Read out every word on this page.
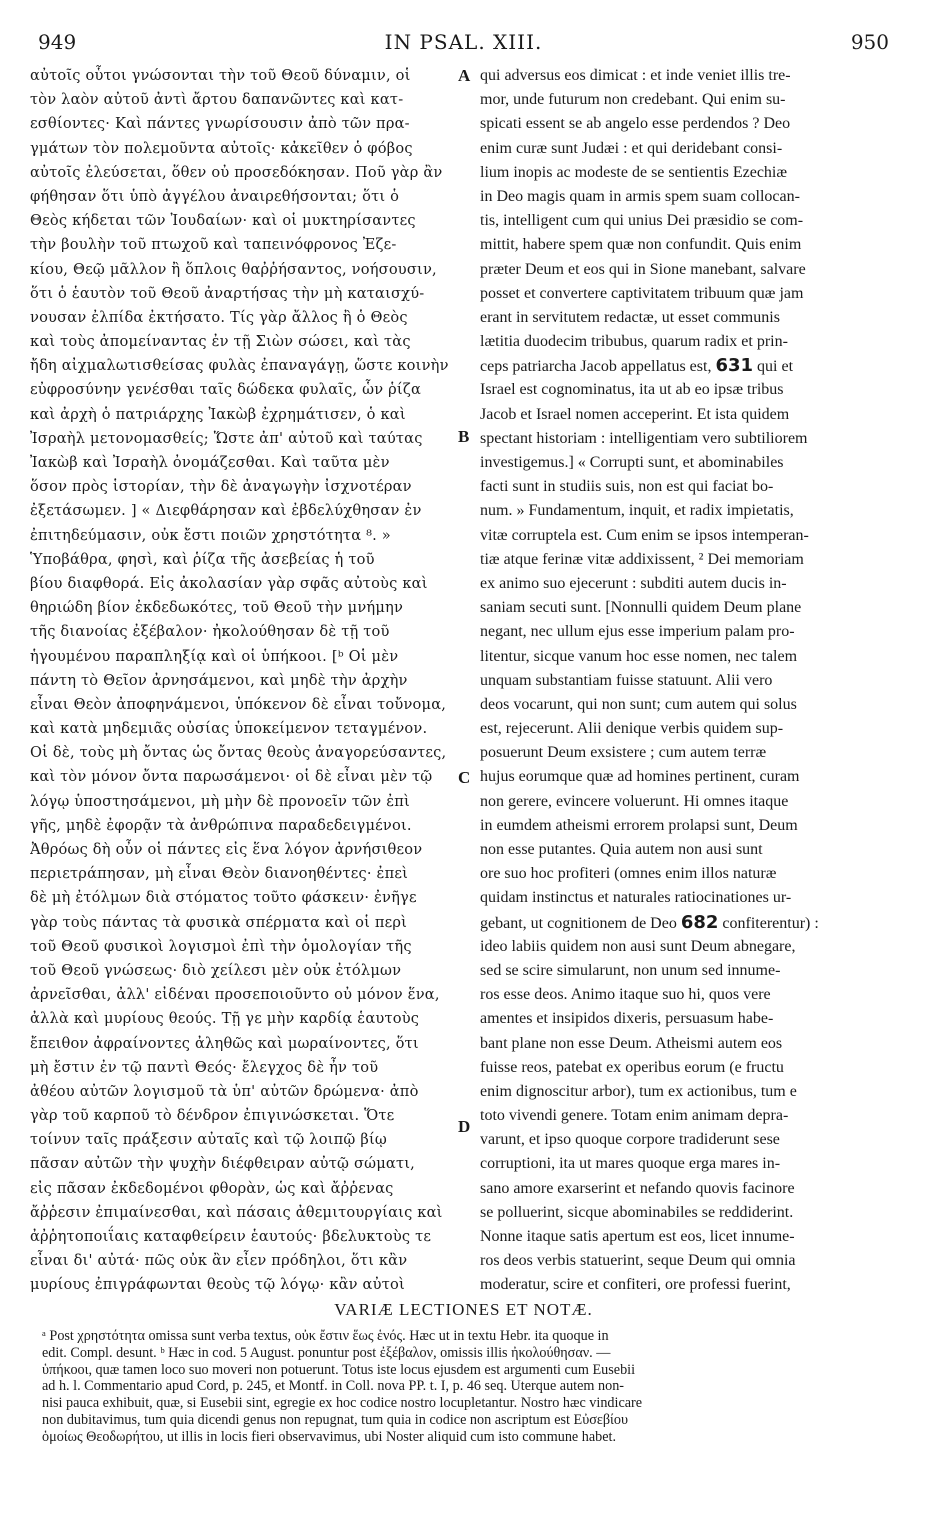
949	IN PSAL. XIII.	950
αὐτοῖς οὗτοι γνώσονται τὴν τοῦ Θεοῦ δύναμιν, οἱ
τὸν λαὸν αὐτοῦ ἀντὶ ἄρτου δαπανῶντες καὶ κατ-
εσθίοντες· Καὶ πάντες γνωρίσουσιν ἀπὸ τῶν πρα-
γμάτων τὸν πολεμοῦντα αὐτοῖς· κἀκεῖθεν ὁ φόβος
αὐτοῖς ἐλεύσεται, ὅθεν οὐ προσεδόκησαν. Ποῦ γὰρ ἂν
φήθησαν ὅτι ὑπὸ ἀγγέλου ἀναιρεθήσονται; ὅτι ὁ
Θεὸς κήδεται τῶν Ἰουδαίων· καὶ οἱ μυκτηρίσαντες
τὴν βουλὴν τοῦ πτωχοῦ καὶ ταπεινόφρονος Ἐζε-
κίου, Θεῷ μᾶλλον ἢ ὅπλοις θαῤῥήσαντος, νοήσουσιν,
ὅτι ὁ ἑαυτὸν τοῦ Θεοῦ ἀναρτήσας τὴν μὴ καταισχύ-
νουσαν ἐλπίδα ἐκτήσατο. Τίς γὰρ ἄλλος ἢ ὁ Θεὸς
καὶ τοὺς ἀπομείναντας ἐν τῇ Σιὼν σώσει, καὶ τὰς
ἤδη αἰχμαλωτισθείσας φυλὰς ἐπαναγάγῃ, ὥστε κοινὴν
εὐφροσύνην γενέσθαι ταῖς δώδεκα φυλαῖς, ὧν ῥίζα
καὶ ἀρχὴ ὁ πατριάρχης Ἰακὼβ ἐχρημάτισεν, ὁ καὶ
Ἰσραὴλ μετονομασθείς; Ὥστε ἀπ' αὐτοῦ καὶ ταύτας
Ἰακὼβ καὶ Ἰσραὴλ ὀνομάζεσθαι. Καὶ ταῦτα μὲν
ὅσον πρὸς ἱστορίαν, τὴν δὲ ἀναγωγὴν ἰσχνοτέραν
ἐξετάσωμεν. ] « Διεφθάρησαν καὶ ἐβδελύχθησαν ἐν
ἐπιτηδεύμασιν, οὐκ ἔστι ποιῶν χρηστότητα ⁸. »
Ὑποβάθρα, φησὶ, καὶ ῥίζα τῆς ἀσεβείας ἡ τοῦ
βίου διαφθορά. Εἰς ἀκολασίαν γὰρ σφᾶς αὐτοὺς καὶ
θηριώδη βίον ἐκδεδωκότες, τοῦ Θεοῦ τὴν μνήμην
τῆς διανοίας ἐξέβαλον· ἠκολούθησαν δὲ τῇ τοῦ
ἡγουμένου παραπληξίᾳ καὶ οἱ ὑπήκοοι. [ᵇ Οἱ μὲν
πάντη τὸ Θεῖον ἀρνησάμενοι, καὶ μηδὲ τὴν ἀρχὴν
εἶναι Θεὸν ἀποφηνάμενοι, ὑπόκενον δὲ εἶναι τοὔνομα,
καὶ κατὰ μηδεμιᾶς οὐσίας ὑποκείμενον τεταγμένον.
Οἱ δὲ, τοὺς μὴ ὄντας ὡς ὄντας θεοὺς ἀναγορεύσαντες,
καὶ τὸν μόνον ὄντα παρωσάμενοι· οἱ δὲ εἶναι μὲν τῷ
λόγῳ ὑποστησάμενοι, μὴ μὴν δὲ προνοεῖν τῶν ἐπὶ
γῆς, μηδὲ ἐφορᾷν τὰ ἀνθρώπινα παραδεδειγμένοι.
Ἀθρόως δὴ οὖν οἱ πάντες εἰς ἕνα λόγον ἀρνήσιθεον
περιετράπησαν, μὴ εἶναι Θεὸν διανοηθέντες· ἐπεὶ
δὲ μὴ ἐτόλμων διὰ στόματος τοῦτο φάσκειν· ἐνῆγε
γὰρ τοὺς πάντας τὰ φυσικὰ σπέρματα καὶ οἱ περὶ
τοῦ Θεοῦ φυσικοὶ λογισμοὶ ἐπὶ τὴν ὁμολογίαν τῆς
τοῦ Θεοῦ γνώσεως· διὸ χείλεσι μὲν οὐκ ἐτόλμων
ἀρνεῖσθαι, ἀλλ' εἰδέναι προσεποιοῦντο οὐ μόνον ἕνα,
ἀλλὰ καὶ μυρίους θεούς. Τῇ γε μὴν καρδίᾳ ἑαυτοὺς
ἔπειθον ἀφραίνοντες ἀληθῶς καὶ μωραίνοντες, ὅτι
μὴ ἔστιν ἐν τῷ παντὶ Θεός· ἔλεγχος δὲ ἦν τοῦ
ἀθέου αὐτῶν λογισμοῦ τὰ ὑπ' αὐτῶν δρώμενα· ἀπὸ
γὰρ τοῦ καρποῦ τὸ δένδρον ἐπιγινώσκεται. Ὅτε
τοίνυν ταῖς πράξεσιν αὐταῖς καὶ τῷ λοιπῷ βίῳ
πᾶσαν αὐτῶν τὴν ψυχὴν διέφθειραν αὐτῷ σώματι,
εἰς πᾶσαν ἐκδεδομένοι φθορὰν, ὡς καὶ ἄῤῥενας
ἄῤῥεσιν ἐπιμαίνεσθαι, καὶ πάσαις ἀθεμιτουργίαις καὶ
ἀῤῥητοποιΐαις καταφθείρειν ἑαυτούς· βδελυκτοὺς τε
εἶναι δι' αὐτά· πῶς οὐκ ἂν εἶεν πρόδηλοι, ὅτι κἂν
μυρίους ἐπιγράφωνται θεοὺς τῷ λόγῳ· κἂν αὐτοὶ
qui adversus eos dimicat : et inde veniet illis tre-
mor, unde futurum non credebant. Qui enim su-
spicati essent se ab angelo esse perdendos ? Deo
enim curæ sunt Judæi : et qui deridebant consi-
lium inopis ac modeste de se sentientis Ezechiæ
in Deo magis quam in armis spem suam collocan-
tis, intelligent cum qui unius Dei præsidio se com-
mittit, habere spem quæ non confundit. Quis enim
præter Deum et eos qui in Sione manebant, salvare
posset et convertere captivitatem tribuum quæ jam
erant in servitutem redactæ, ut esset communis
lætitia duodecim tribubus, quarum radix et prin-
ceps patriarcha Jacob appellatus est, 631 qui et
Israel est cognominatus, ita ut ab eo ipsæ tribus
Jacob et Israel nomen acceperint. Et ista quidem
spectant historiam : intelligentiam vero subtiliorem
investigemus.] « Corrupti sunt, et abominabiles
facti sunt in studiis suis, non est qui faciat bo-
num. » Fundamentum, inquit, et radix impietatis,
vitæ corruptela est. Cum enim se ipsos intemperan-
tiæ atque ferinæ vitæ addixissent, ² Dei memoriam
ex animo suo ejecerunt : subditi autem ducis in-
saniam secuti sunt. [Nonnulli quidem Deum plane
negant, nec ullum ejus esse imperium palam pro-
litentur, sicque vanum hoc esse nomen, nec talem
unquam substantiam fuisse statuunt. Alii vero
deos vocarunt, qui non sunt; cum autem qui solus
est, rejecerunt. Alii denique verbis quidem sup-
posuerunt Deum exsistere ; cum autem terræ
hujus eorumque quæ ad homines pertinent, curam
non gerere, evincere voluerunt. Hi omnes itaque
in eumdem atheismi errorem prolapsi sunt, Deum
non esse putantes. Quia autem non ausi sunt
ore suo hoc profiteri (omnes enim illos naturæ
quidam instinctus et naturales ratiocinationes ur-
gebant, ut cognitionem de Deo 682 confiterentur) :
ideo labiis quidem non ausi sunt Deum abnegare,
sed se scire simularunt, non unum sed innume-
ros esse deos. Animo itaque suo hi, quos vere
amentes et insipidos dixeris, persuasum habe-
bant plane non esse Deum. Atheismi autem eos
fuisse reos, patebat ex operibus eorum (e fructu
enim dignoscitur arbor), tum ex actionibus, tum e
toto vivendi genere. Totam enim animam depra-
varunt, et ipso quoque corpore tradiderunt sese
corruptioni, ita ut mares quoque erga mares in-
sano amore exarserint et nefando quovis facinore
se polluerint, sicque abominabiles se reddiderint.
Nonne itaque satis apertum est eos, licet innume-
ros deos verbis statuerint, seque Deum qui omnia
moderatur, scire et confiteri, ore professi fuerint,
A
B
C
D
VARIÆ LECTIONES ET NOTÆ.
ᵃ Post χρηστότητα omissa sunt verba textus, οὐκ ἔστιν ἕως ἑνός. Hæc ut in textu Hebr. ita quoque in
edit. Compl. desunt. ᵇ Hæc in cod. 5 August. ponuntur post ἐξέβαλον, omissis illis ἠκολούθησαν. —
ὑπήκοοι, quæ tamen loco suo moveri non potuerunt. Totus iste locus ejusdem est argumenti cum Eusebii
ad h. l. Commentario apud Cord, p. 245, et Montf. in Coll. nova PP. t. I, p. 46 seq. Uterque autem non-
nisi pauca exhibuit, quæ, si Eusebii sint, egregie ex hoc codice nostro locupletantur. Nostro hæc vindicare
non dubitavimus, tum quia dicendi genus non repugnat, tum quia in codice non ascriptum est Εὐσεβίου
ὁμοίως Θεοδωρήτου, ut illis in locis fieri observavimus, ubi Noster aliquid cum isto commune habet.
